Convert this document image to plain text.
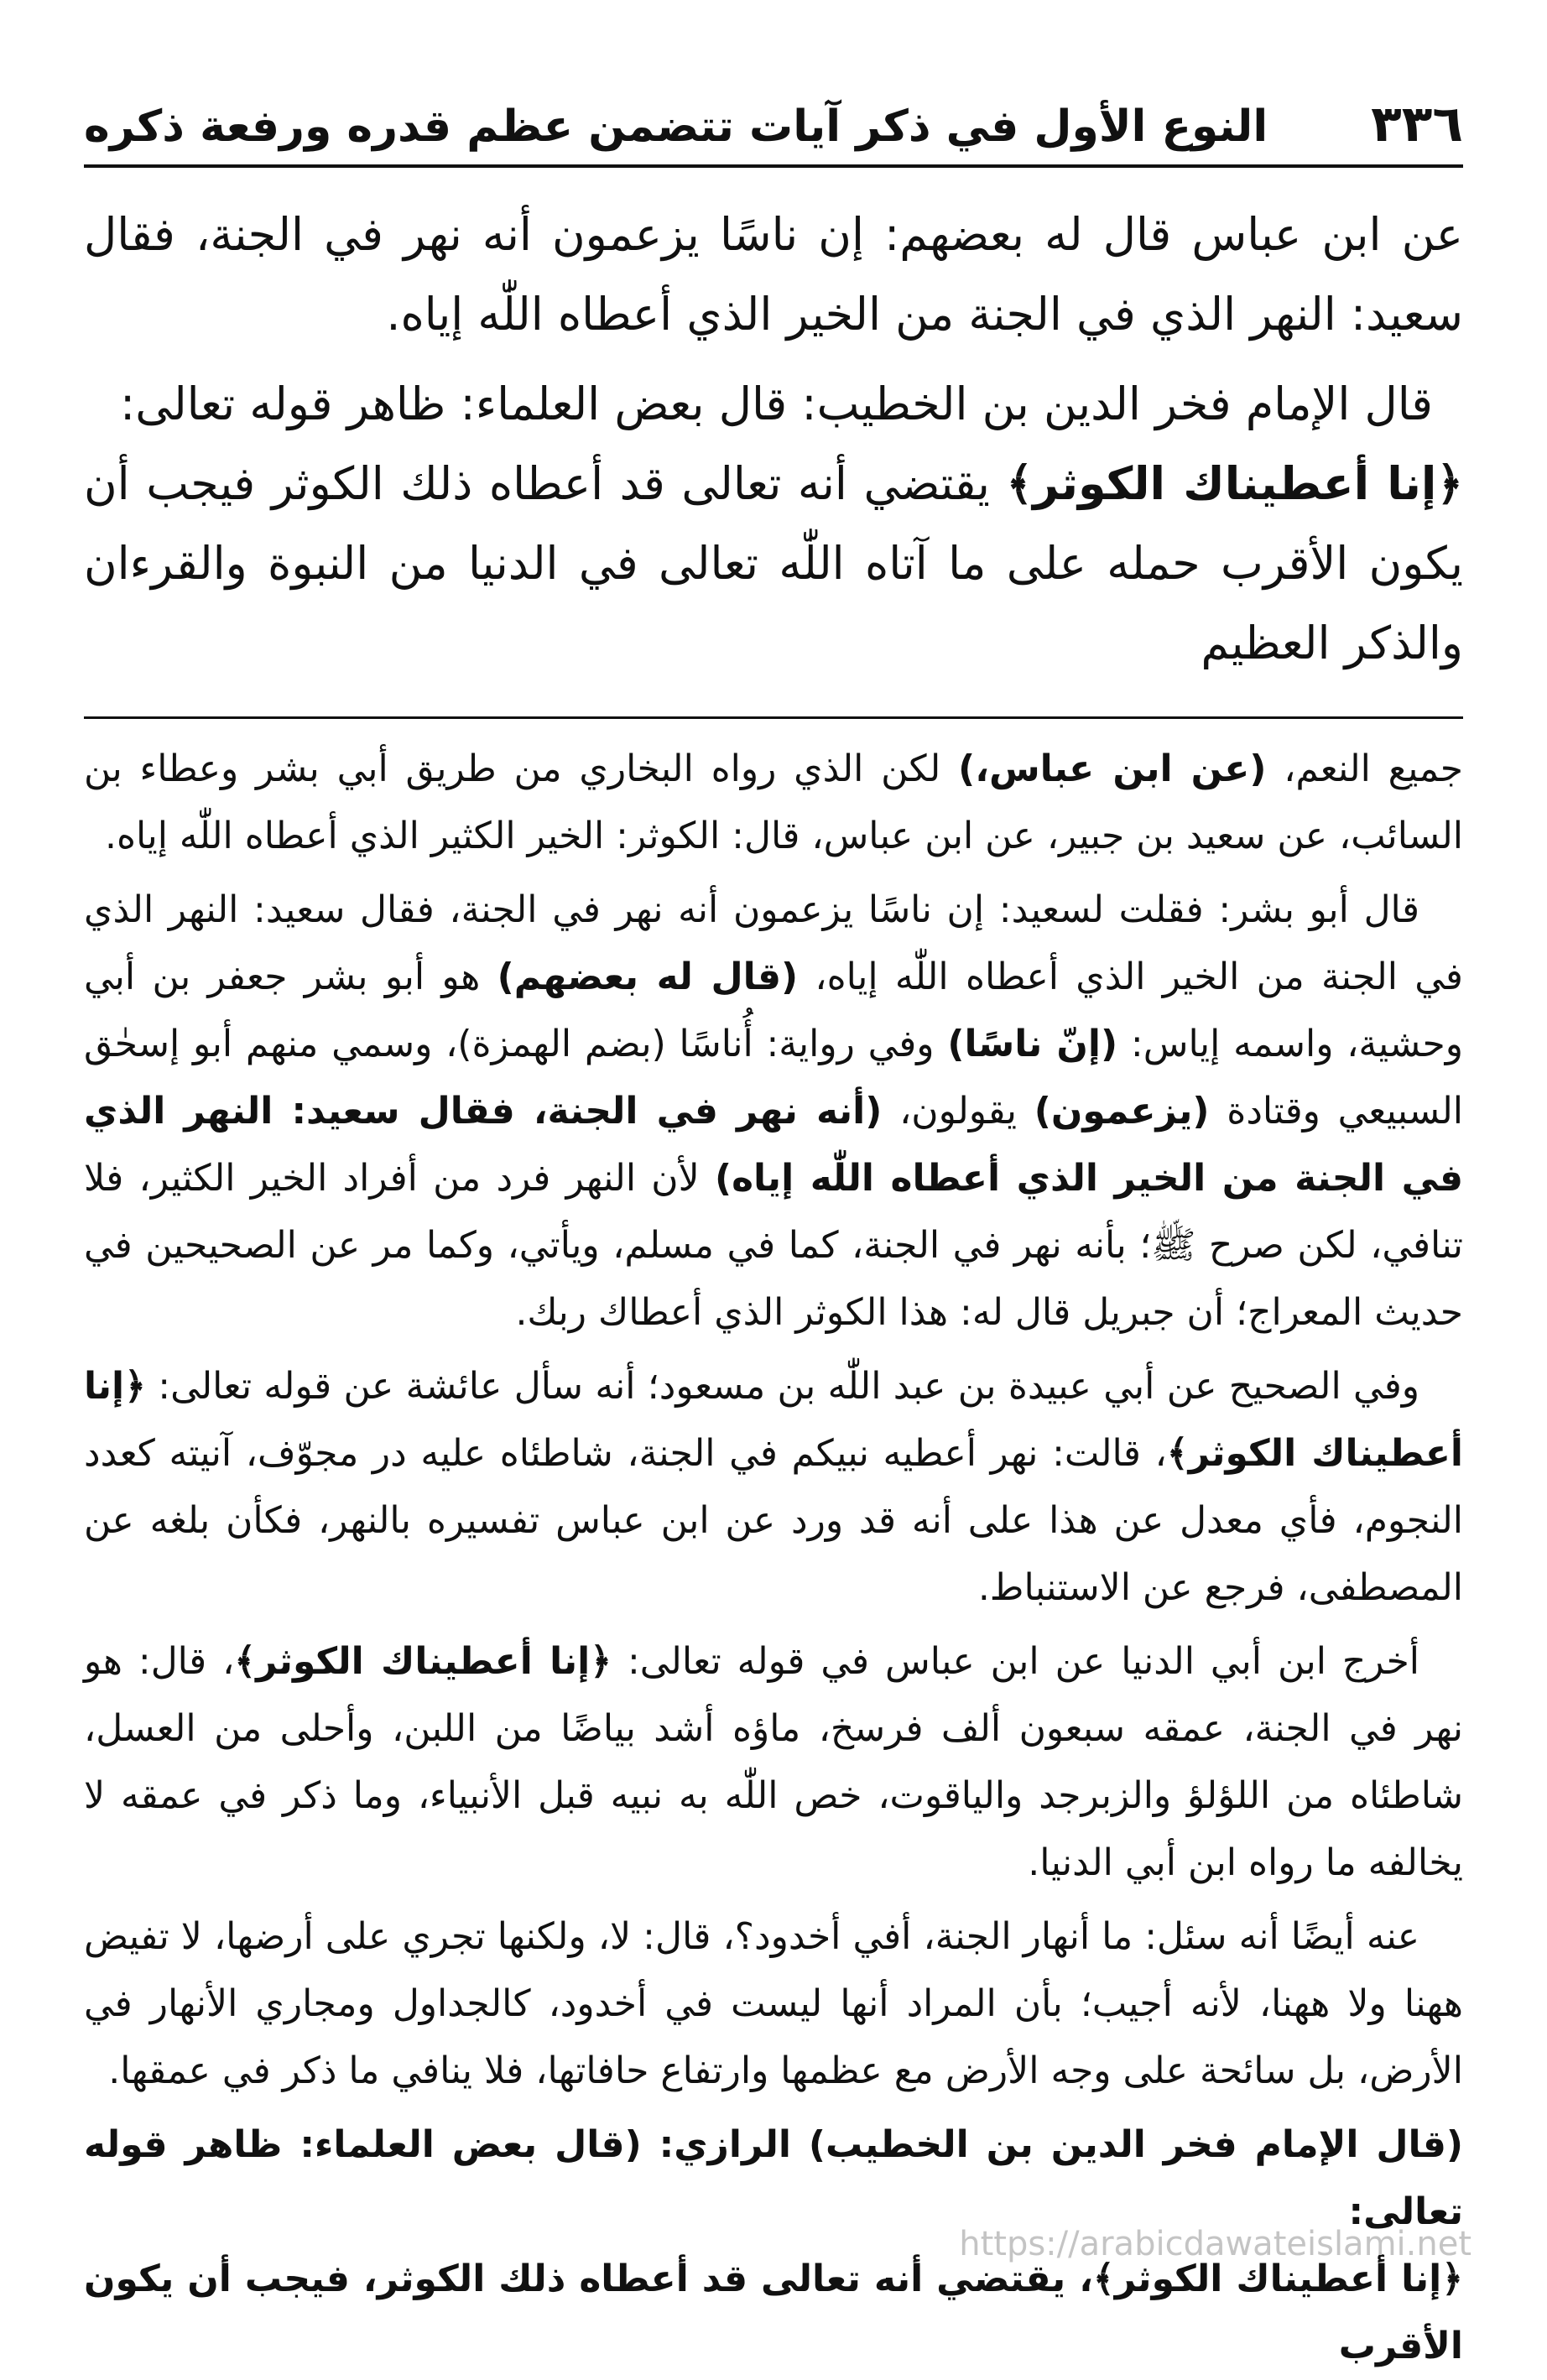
٣٣٦
النوع الأول في ذكر آيات تتضمن عظم قدره ورفعة ذكره

عن ابن عباس قال له بعضهم: إن ناسًا يزعمون أنه نهر في الجنة، فقال سعيد: النهر الذي في الجنة من الخير الذي أعطاه اللّٰه إياه.

قال الإمام فخر الدين بن الخطيب: قال بعض العلماء: ظاهر قوله تعالى:
﴿إنا أعطيناك الكوثر﴾ يقتضي أنه تعالى قد أعطاه ذلك الكوثر فيجب أن يكون الأقرب حمله على ما آتاه اللّٰه تعالى في الدنيا من النبوة والقرءان والذكر العظيم

جميع النعم، (عن ابن عباس،) لكن الذي رواه البخاري من طريق أبي بشر وعطاء بن السائب، عن سعيد بن جبير، عن ابن عباس، قال: الكوثر: الخير الكثير الذي أعطاه اللّٰه إياه.

قال أبو بشر: فقلت لسعيد: إن ناسًا يزعمون أنه نهر في الجنة، فقال سعيد: النهر الذي في الجنة من الخير الذي أعطاه اللّٰه إياه، (قال له بعضهم) هو أبو بشر جعفر بن أبي وحشية، واسمه إياس: (إنّ ناسًا) وفي رواية: أُناسًا (بضم الهمزة)، وسمي منهم أبو إسحٰق السبيعي وقتادة (يزعمون) يقولون، (أنه نهر في الجنة، فقال سعيد: النهر الذي في الجنة من الخير الذي أعطاه اللّٰه إياه) لأن النهر فرد من أفراد الخير الكثير، فلا تنافي، لكن صرح ﷺ؛ بأنه نهر في الجنة، كما في مسلم، ويأتي، وكما مر عن الصحيحين في حديث المعراج؛ أن جبريل قال له: هذا الكوثر الذي أعطاك ربك.

وفي الصحيح عن أبي عبيدة بن عبد اللّٰه بن مسعود؛ أنه سأل عائشة عن قوله تعالى: ﴿إنا أعطيناك الكوثر﴾، قالت: نهر أعطيه نبيكم في الجنة، شاطئاه عليه در مجوّف، آنيته كعدد النجوم، فأي معدل عن هذا على أنه قد ورد عن ابن عباس تفسيره بالنهر، فكأن بلغه عن المصطفى، فرجع عن الاستنباط.

أخرج ابن أبي الدنيا عن ابن عباس في قوله تعالى: ﴿إنا أعطيناك الكوثر﴾، قال: هو نهر في الجنة، عمقه سبعون ألف فرسخ، ماؤه أشد بياضًا من اللبن، وأحلى من العسل، شاطئاه من اللؤلؤ والزبرجد والياقوت، خص اللّٰه به نبيه قبل الأنبياء، وما ذكر في عمقه لا يخالفه ما رواه ابن أبي الدنيا.

عنه أيضًا أنه سئل: ما أنهار الجنة، أفي أخدود؟، قال: لا، ولكنها تجري على أرضها، لا تفيض ههنا ولا ههنا، لأنه أجيب؛ بأن المراد أنها ليست في أخدود، كالجداول ومجاري الأنهار في الأرض، بل سائحة على وجه الأرض مع عظمها وارتفاع حافاتها، فلا ينافي ما ذكر في عمقها.

(قال الإمام فخر الدين بن الخطيب) الرازي: (قال بعض العلماء: ظاهر قوله تعالى:
﴿إنا أعطيناك الكوثر﴾، يقتضي أنه تعالى قد أعطاه ذلك الكوثر، فيجب أن يكون الأقرب

https://arabicdawateislami.net
